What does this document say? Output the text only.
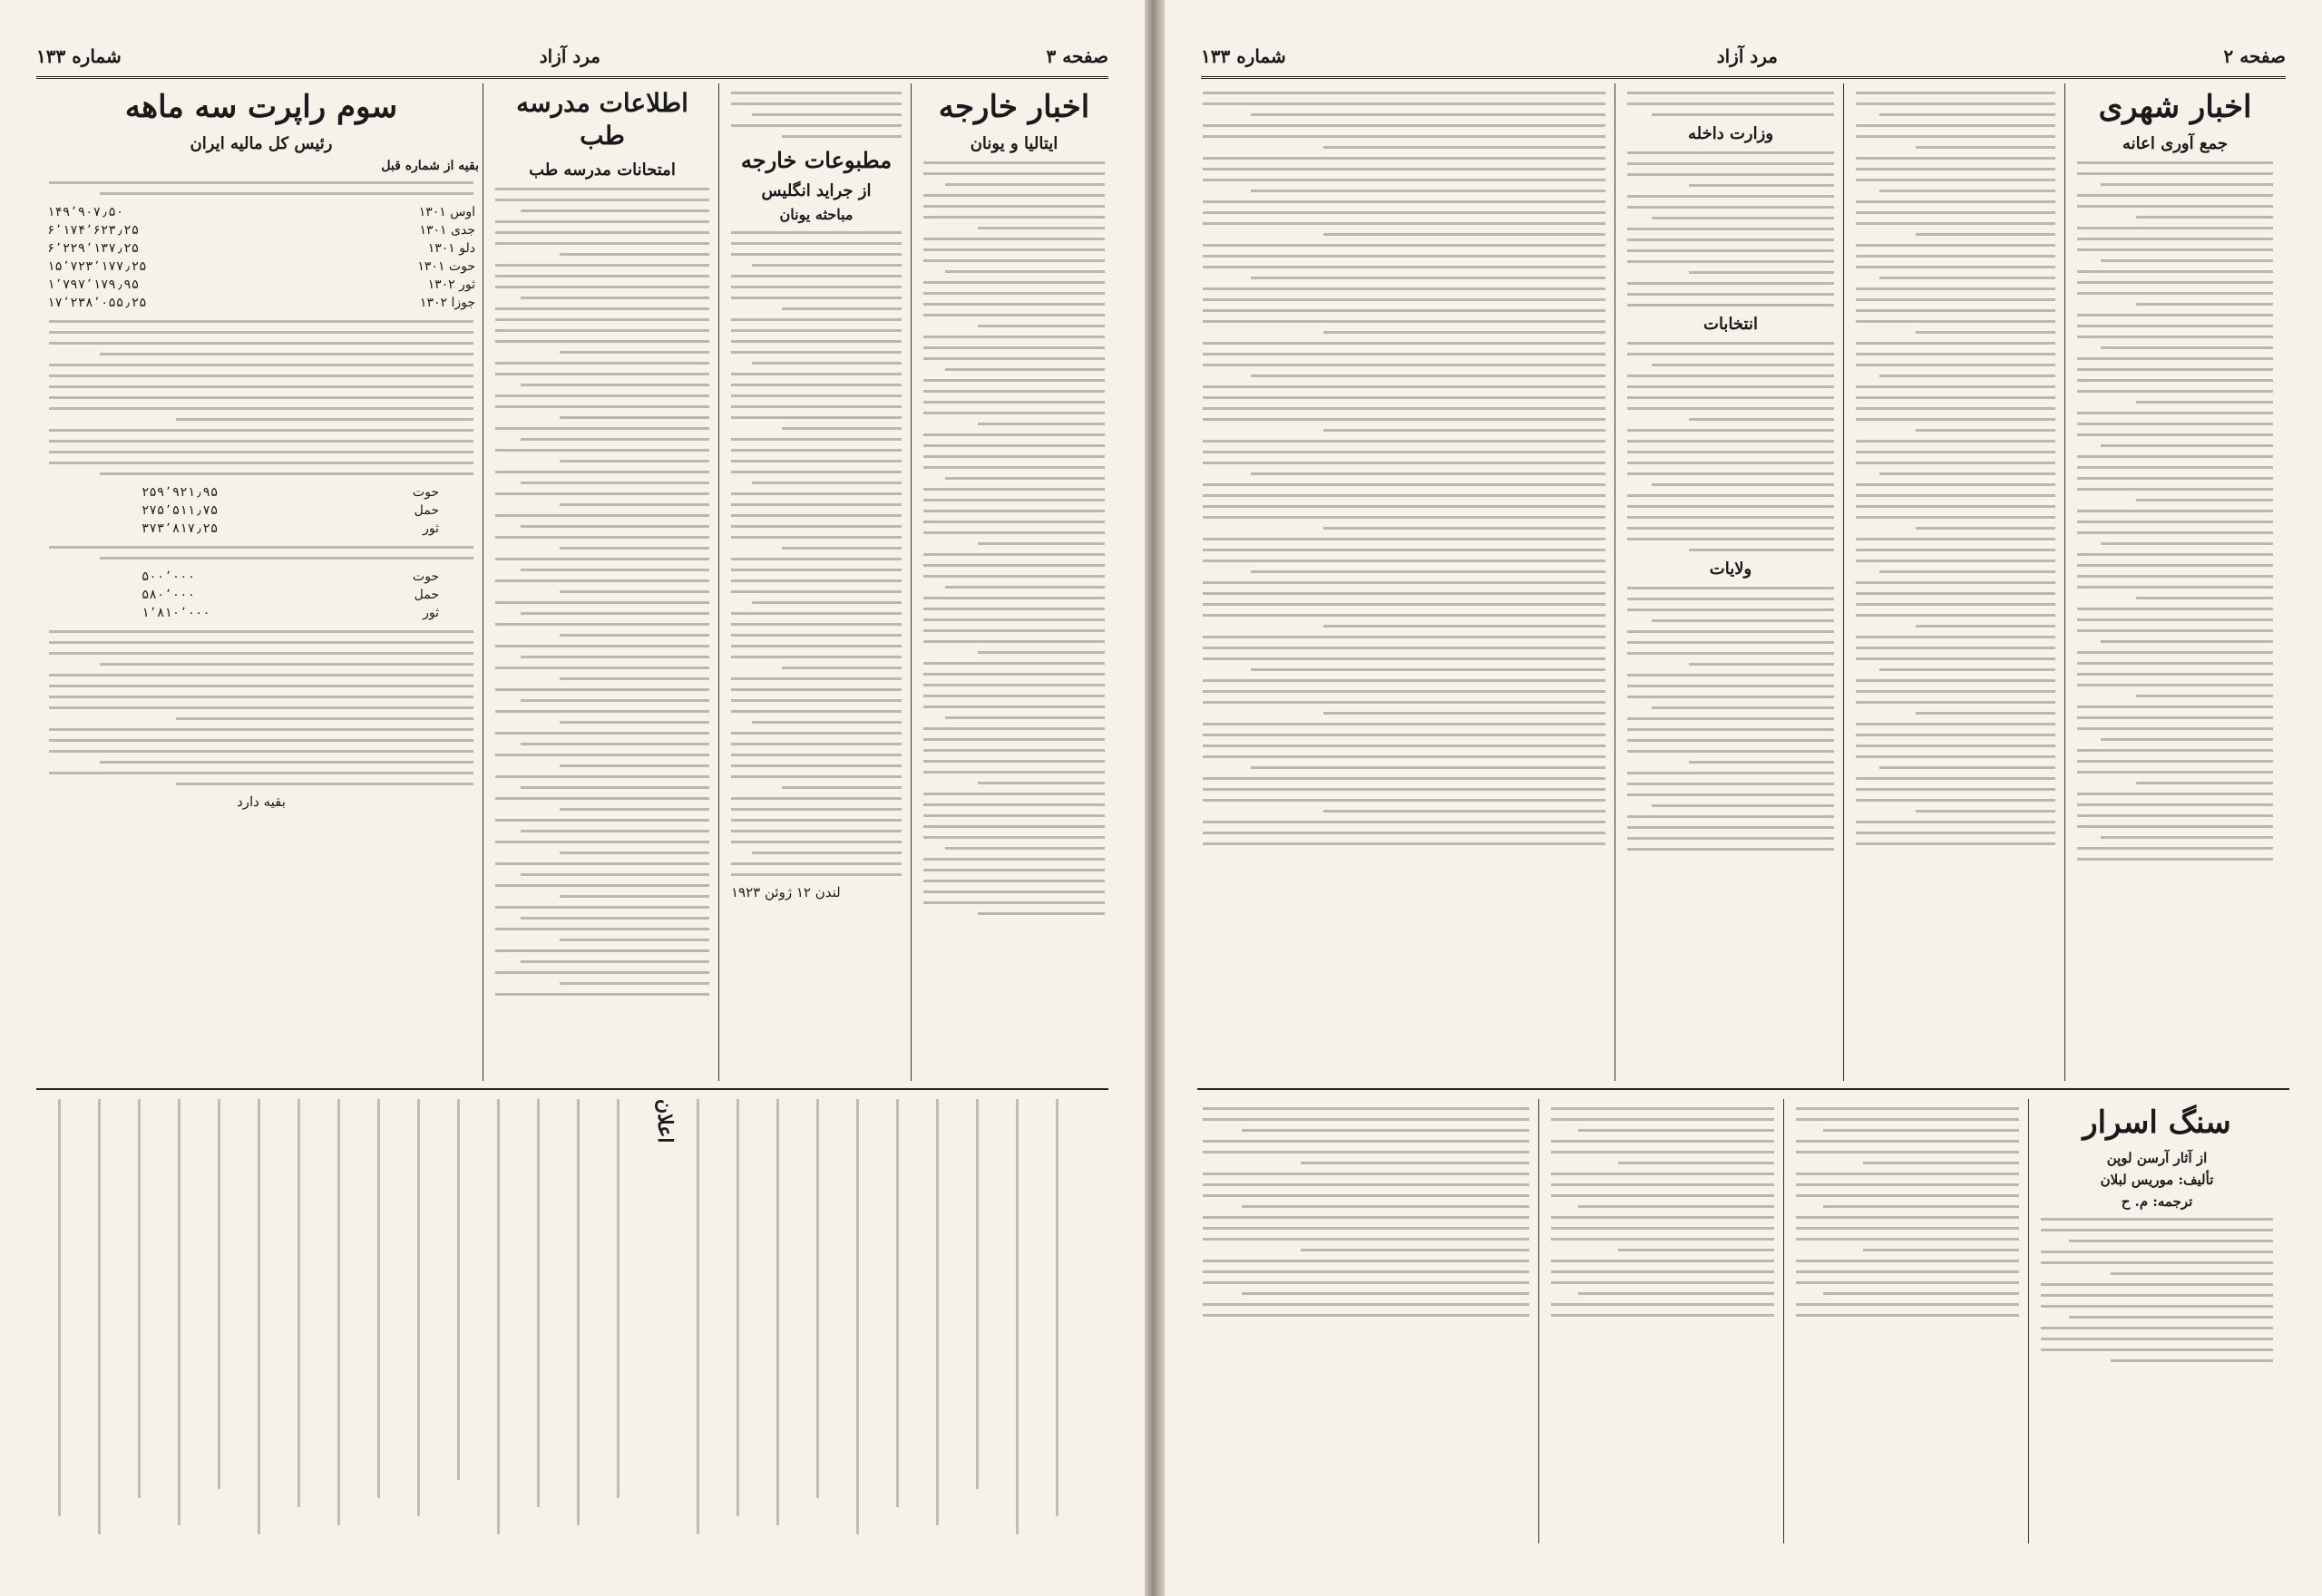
صفحه ۳
مرد آزاد
شماره ۱۳۳
اخبار خارجه
ایتالیا و یونان
مطبوعات خارجه
از جراید انگلیس
مباحثه یونان
لندن ۱۲ ژوئن ۱۹۲۳
اطلاعات مدرسه طب
امتحانات مدرسه طب
سوم راپرت سه ماهه
رئیس کل مالیه ایران
بقیه از شماره قبل
اوس ۱۳۰۱	۱۴۹٬۹۰۷٫۵۰
جدی ۱۳۰۱	۶٬۱۷۴٬۶۲۳٫۲۵
دلو ۱۳۰۱	۶٬۲۲۹٬۱۳۷٫۲۵
حوت ۱۳۰۱	۱۵٬۷۲۳٬۱۷۷٫۲۵
ثور ۱۳۰۲	۱٬۷۹۷٬۱۷۹٫۹۵
جوزا ۱۳۰۲	۱۷٬۲۳۸٬۰۵۵٫۲۵
حوت	۲۵۹٬۹۲۱٫۹۵
حمل	۲۷۵٬۵۱۱٫۷۵
ثور	۳۷۳٬۸۱۷٫۲۵
حوت	۵۰۰٬۰۰۰
حمل	۵۸۰٬۰۰۰
ثور	۱٬۸۱۰٬۰۰۰
بقیه دارد
اعلان
صفحه ۲
مرد آزاد
شماره ۱۳۳
اخبار شهری
جمع آوری اعانه
وزارت داخله
انتخابات
ولایات
سنگ اسرار
از آثار آرسن لوپن
تألیف: موریس لبلان
ترجمه: م. ح
